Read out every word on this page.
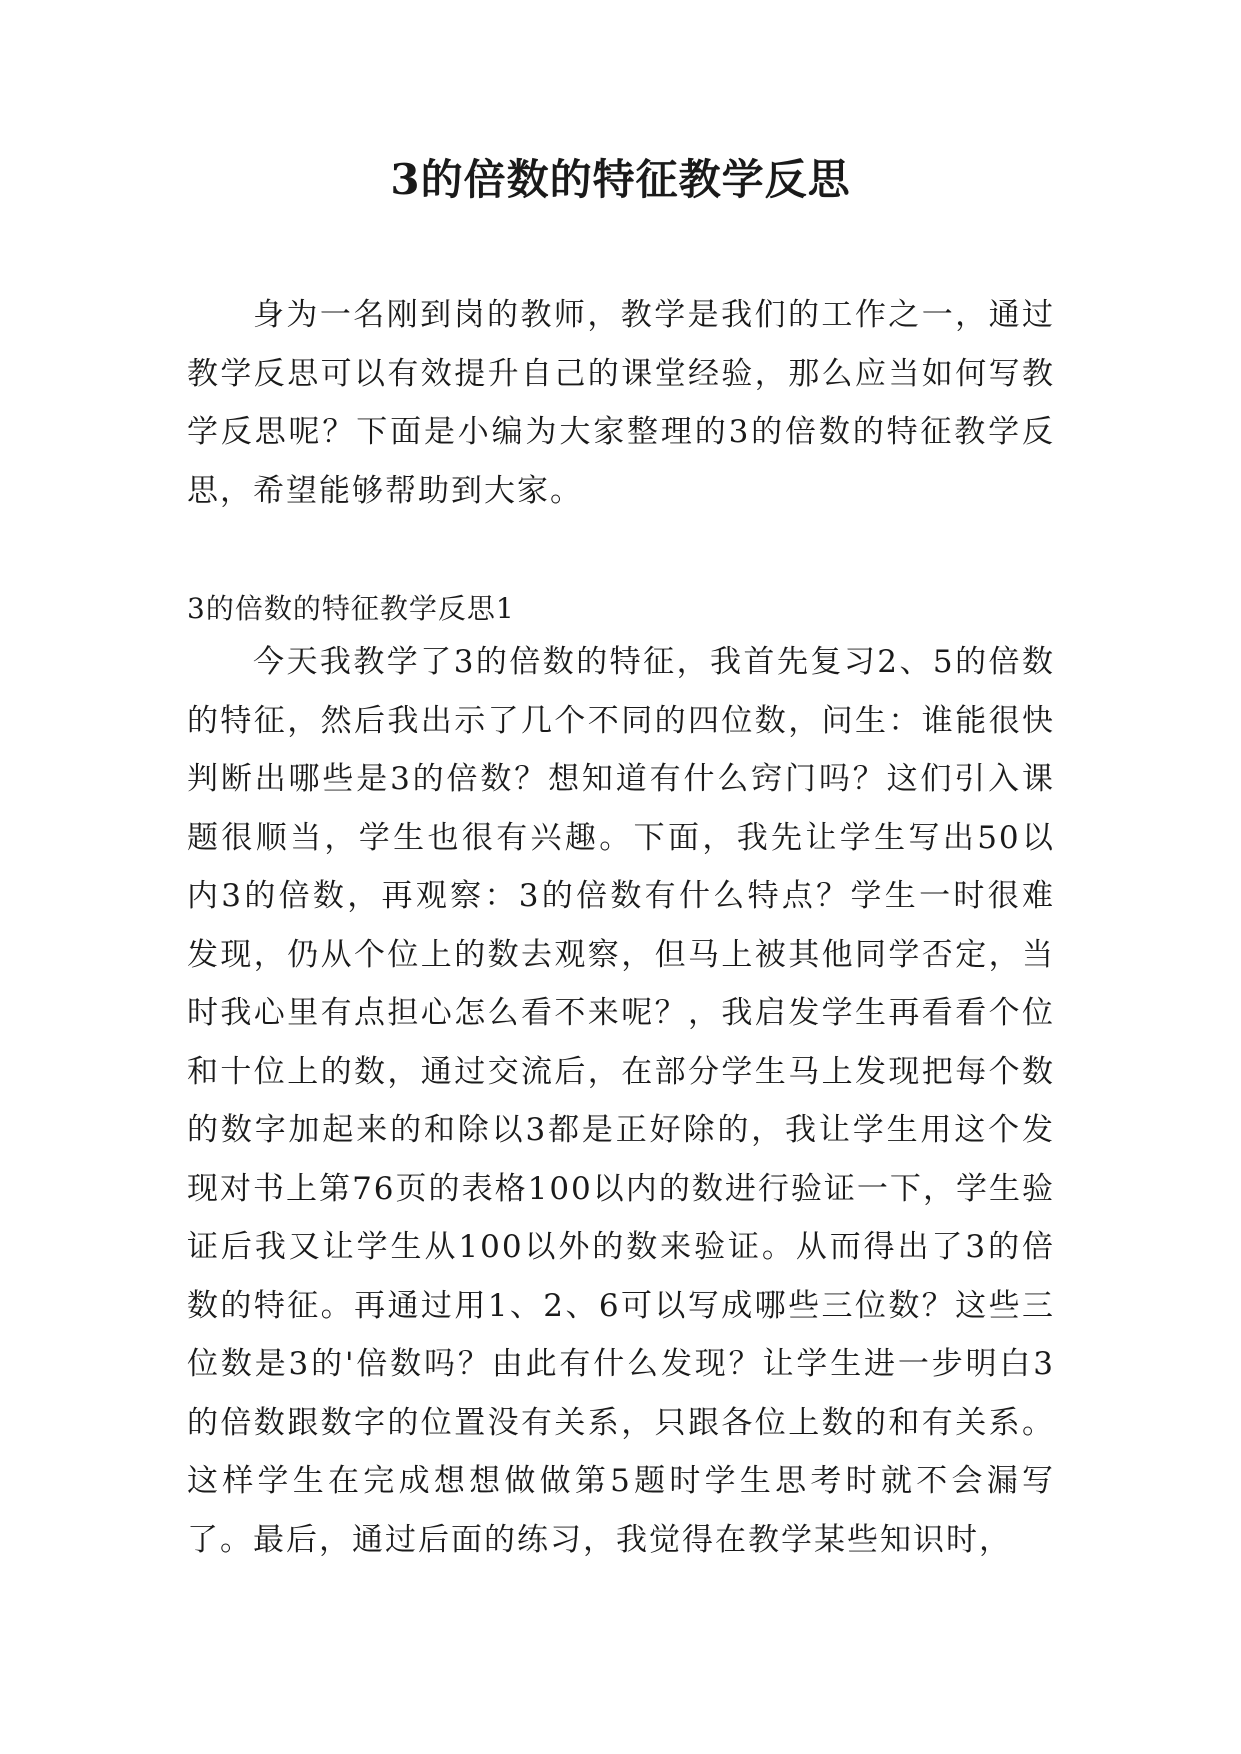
3的倍数的特征教学反思

身为一名刚到岗的教师，教学是我们的工作之一，通过教学反思可以有效提升自己的课堂经验，那么应当如何写教学反思呢？下面是小编为大家整理的3的倍数的特征教学反思，希望能够帮助到大家。

3的倍数的特征教学反思1

今天我教学了3的倍数的特征，我首先复习2、5的倍数的特征，然后我出示了几个不同的四位数，问生：谁能很快判断出哪些是3的倍数？想知道有什么窍门吗？这们引入课题很顺当，学生也很有兴趣。下面，我先让学生写出50以内3的倍数，再观察：3的倍数有什么特点？学生一时很难发现，仍从个位上的数去观察，但马上被其他同学否定，当时我心里有点担心怎么看不来呢？，我启发学生再看看个位和十位上的数，通过交流后，在部分学生马上发现把每个数的数字加起来的和除以3都是正好除的，我让学生用这个发现对书上第76页的表格100以内的数进行验证一下，学生验证后我又让学生从100以外的数来验证。从而得出了3的倍数的特征。再通过用1、2、6可以写成哪些三位数？这些三位数是3的'倍数吗？由此有什么发现？让学生进一步明白3的倍数跟数字的位置没有关系，只跟各位上数的和有关系。这样学生在完成想想做做第5题时学生思考时就不会漏写了。最后，通过后面的练习，我觉得在教学某些知识时，
